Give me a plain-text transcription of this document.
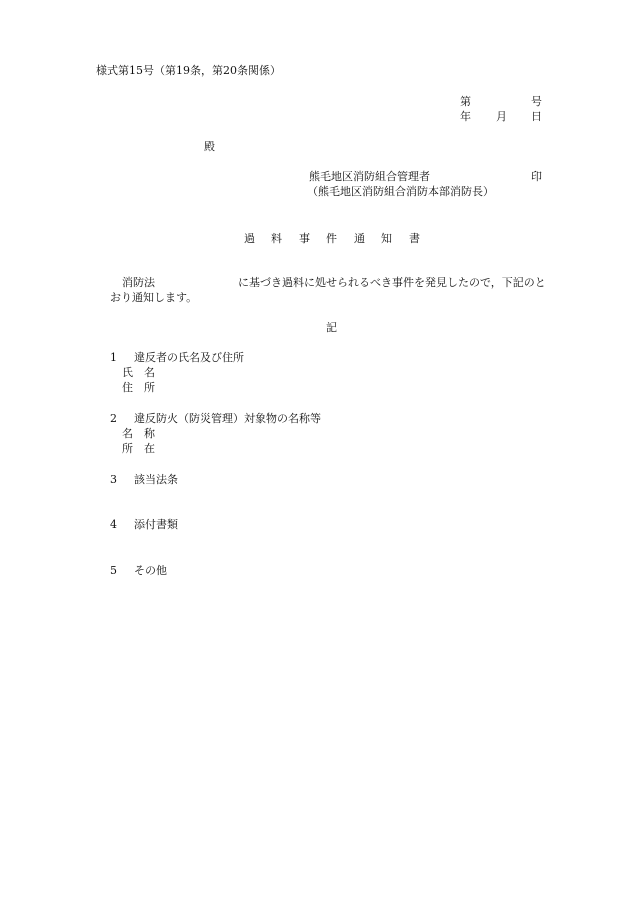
様式第15号（第19条，第20条関係）
第	号
年 月 日
殿
熊毛地区消防組合管理者	印
（熊毛地区消防組合消防本部消防長）
過 料 事 件 通 知 書
消防法	に基づき過料に処せられるべき事件を発見したので，下記のと
おり通知します。
記
1 違反者の氏名及び住所
氏　名
住　所
2 違反防火（防災管理）対象物の名称等
名　称
所　在
3 該当法条
4 添付書類
5 その他
